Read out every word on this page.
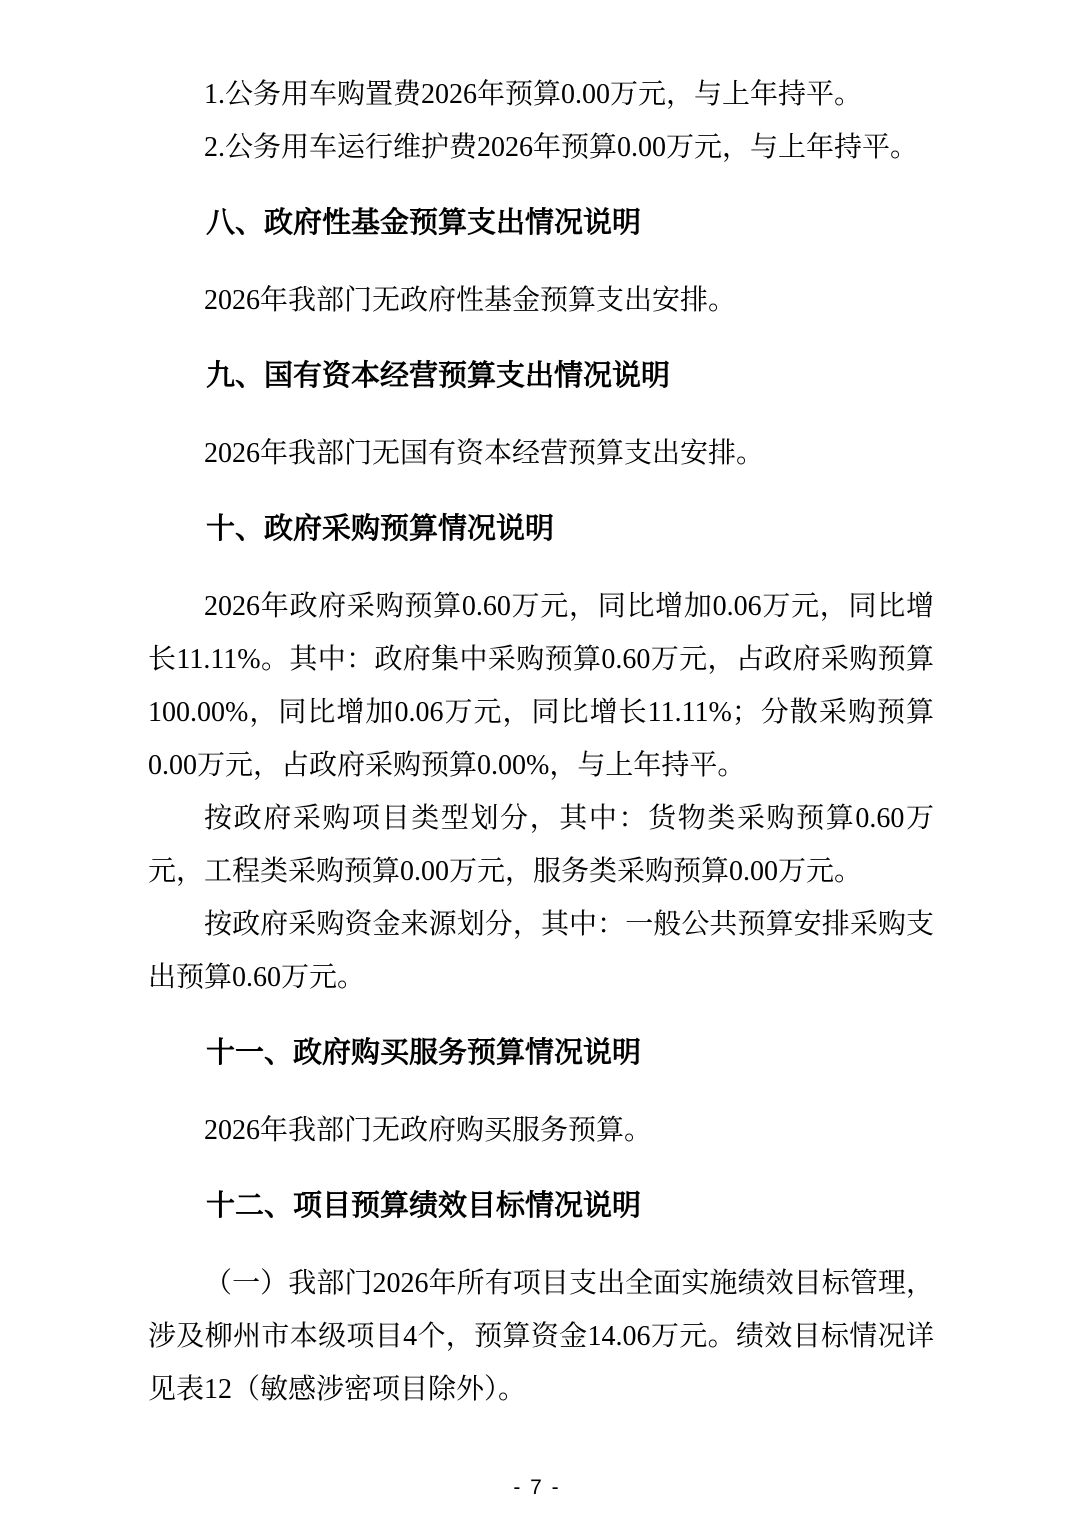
1.公务用车购置费2026年预算0.00万元，与上年持平。

2.公务用车运行维护费2026年预算0.00万元，与上年持平。

八、政府性基金预算支出情况说明

2026年我部门无政府性基金预算支出安排。

九、国有资本经营预算支出情况说明

2026年我部门无国有资本经营预算支出安排。

十、政府采购预算情况说明

2026年政府采购预算0.60万元，同比增加0.06万元，同比增长11.11%。其中：政府集中采购预算0.60万元，占政府采购预算100.00%，同比增加0.06万元，同比增长11.11%；分散采购预算0.00万元，占政府采购预算0.00%，与上年持平。

按政府采购项目类型划分，其中：货物类采购预算0.60万元，工程类采购预算0.00万元，服务类采购预算0.00万元。

按政府采购资金来源划分，其中：一般公共预算安排采购支出预算0.60万元。

十一、政府购买服务预算情况说明

2026年我部门无政府购买服务预算。

十二、项目预算绩效目标情况说明

（一）我部门2026年所有项目支出全面实施绩效目标管理，涉及柳州市本级项目4个，预算资金14.06万元。绩效目标情况详见表12（敏感涉密项目除外）。

- 7 -
